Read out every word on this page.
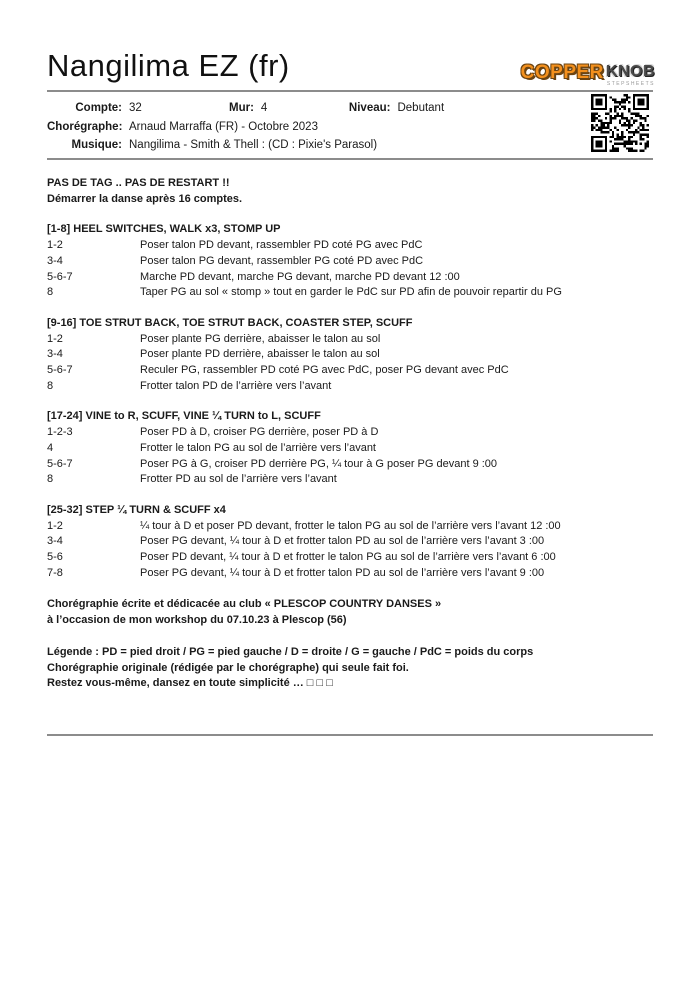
Nangilima EZ (fr)	COPPER KNOB
STEPSHEETS
Compte: 32	Mur: 4	Niveau: Debutant
Chorégraphe: Arnaud Marraffa (FR) - Octobre 2023
Musique: Nangilima - Smith & Thell : (CD : Pixie's Parasol)
PAS DE TAG .. PAS DE RESTART !!
Démarrer la danse après 16 comptes.
[1-8] HEEL SWITCHES, WALK x3, STOMP UP
1-2	Poser talon PD devant, rassembler PD coté PG avec PdC
3-4	Poser talon PG devant, rassembler PG coté PD avec PdC
5-6-7	Marche PD devant, marche PG devant, marche PD devant 12 :00
8	Taper PG au sol « stomp » tout en garder le PdC sur PD afin de pouvoir repartir du PG
[9-16] TOE STRUT BACK, TOE STRUT BACK, COASTER STEP, SCUFF
1-2	Poser plante PG derrière, abaisser le talon au sol
3-4	Poser plante PD derrière, abaisser le talon au sol
5-6-7	Reculer PG, rassembler PD coté PG avec PdC, poser PG devant avec PdC
8	Frotter talon PD de l’arrière vers l’avant
[17-24] VINE to R, SCUFF, VINE ¼ TURN to L, SCUFF
1-2-3	Poser PD à D, croiser PG derrière, poser PD à D
4	Frotter le talon PG au sol de l’arrière vers l’avant
5-6-7	Poser PG à G, croiser PD derrière PG, ¼ tour à G poser PG devant 9 :00
8	Frotter PD au sol de l’arrière vers l’avant
[25-32] STEP ¼ TURN & SCUFF x4
1-2	¼ tour à D et poser PD devant, frotter le talon PG au sol de l’arrière vers l’avant 12 :00
3-4	Poser PG devant, ¼ tour à D et frotter talon PD au sol de l’arrière vers l’avant 3 :00
5-6	Poser PD devant, ¼ tour à D et frotter le talon PG au sol de l’arrière vers l’avant 6 :00
7-8	Poser PG devant, ¼ tour à D et frotter talon PD au sol de l’arrière vers l’avant 9 :00
Chorégraphie écrite et dédicacée au club « PLESCOP COUNTRY DANSES »
à l’occasion de mon workshop du 07.10.23 à Plescop (56)
Légende : PD = pied droit / PG = pied gauche / D = droite / G = gauche / PdC = poids du corps
Chorégraphie originale (rédigée par le chorégraphe) qui seule fait foi.
Restez vous-même, dansez en toute simplicité … □ □ □
